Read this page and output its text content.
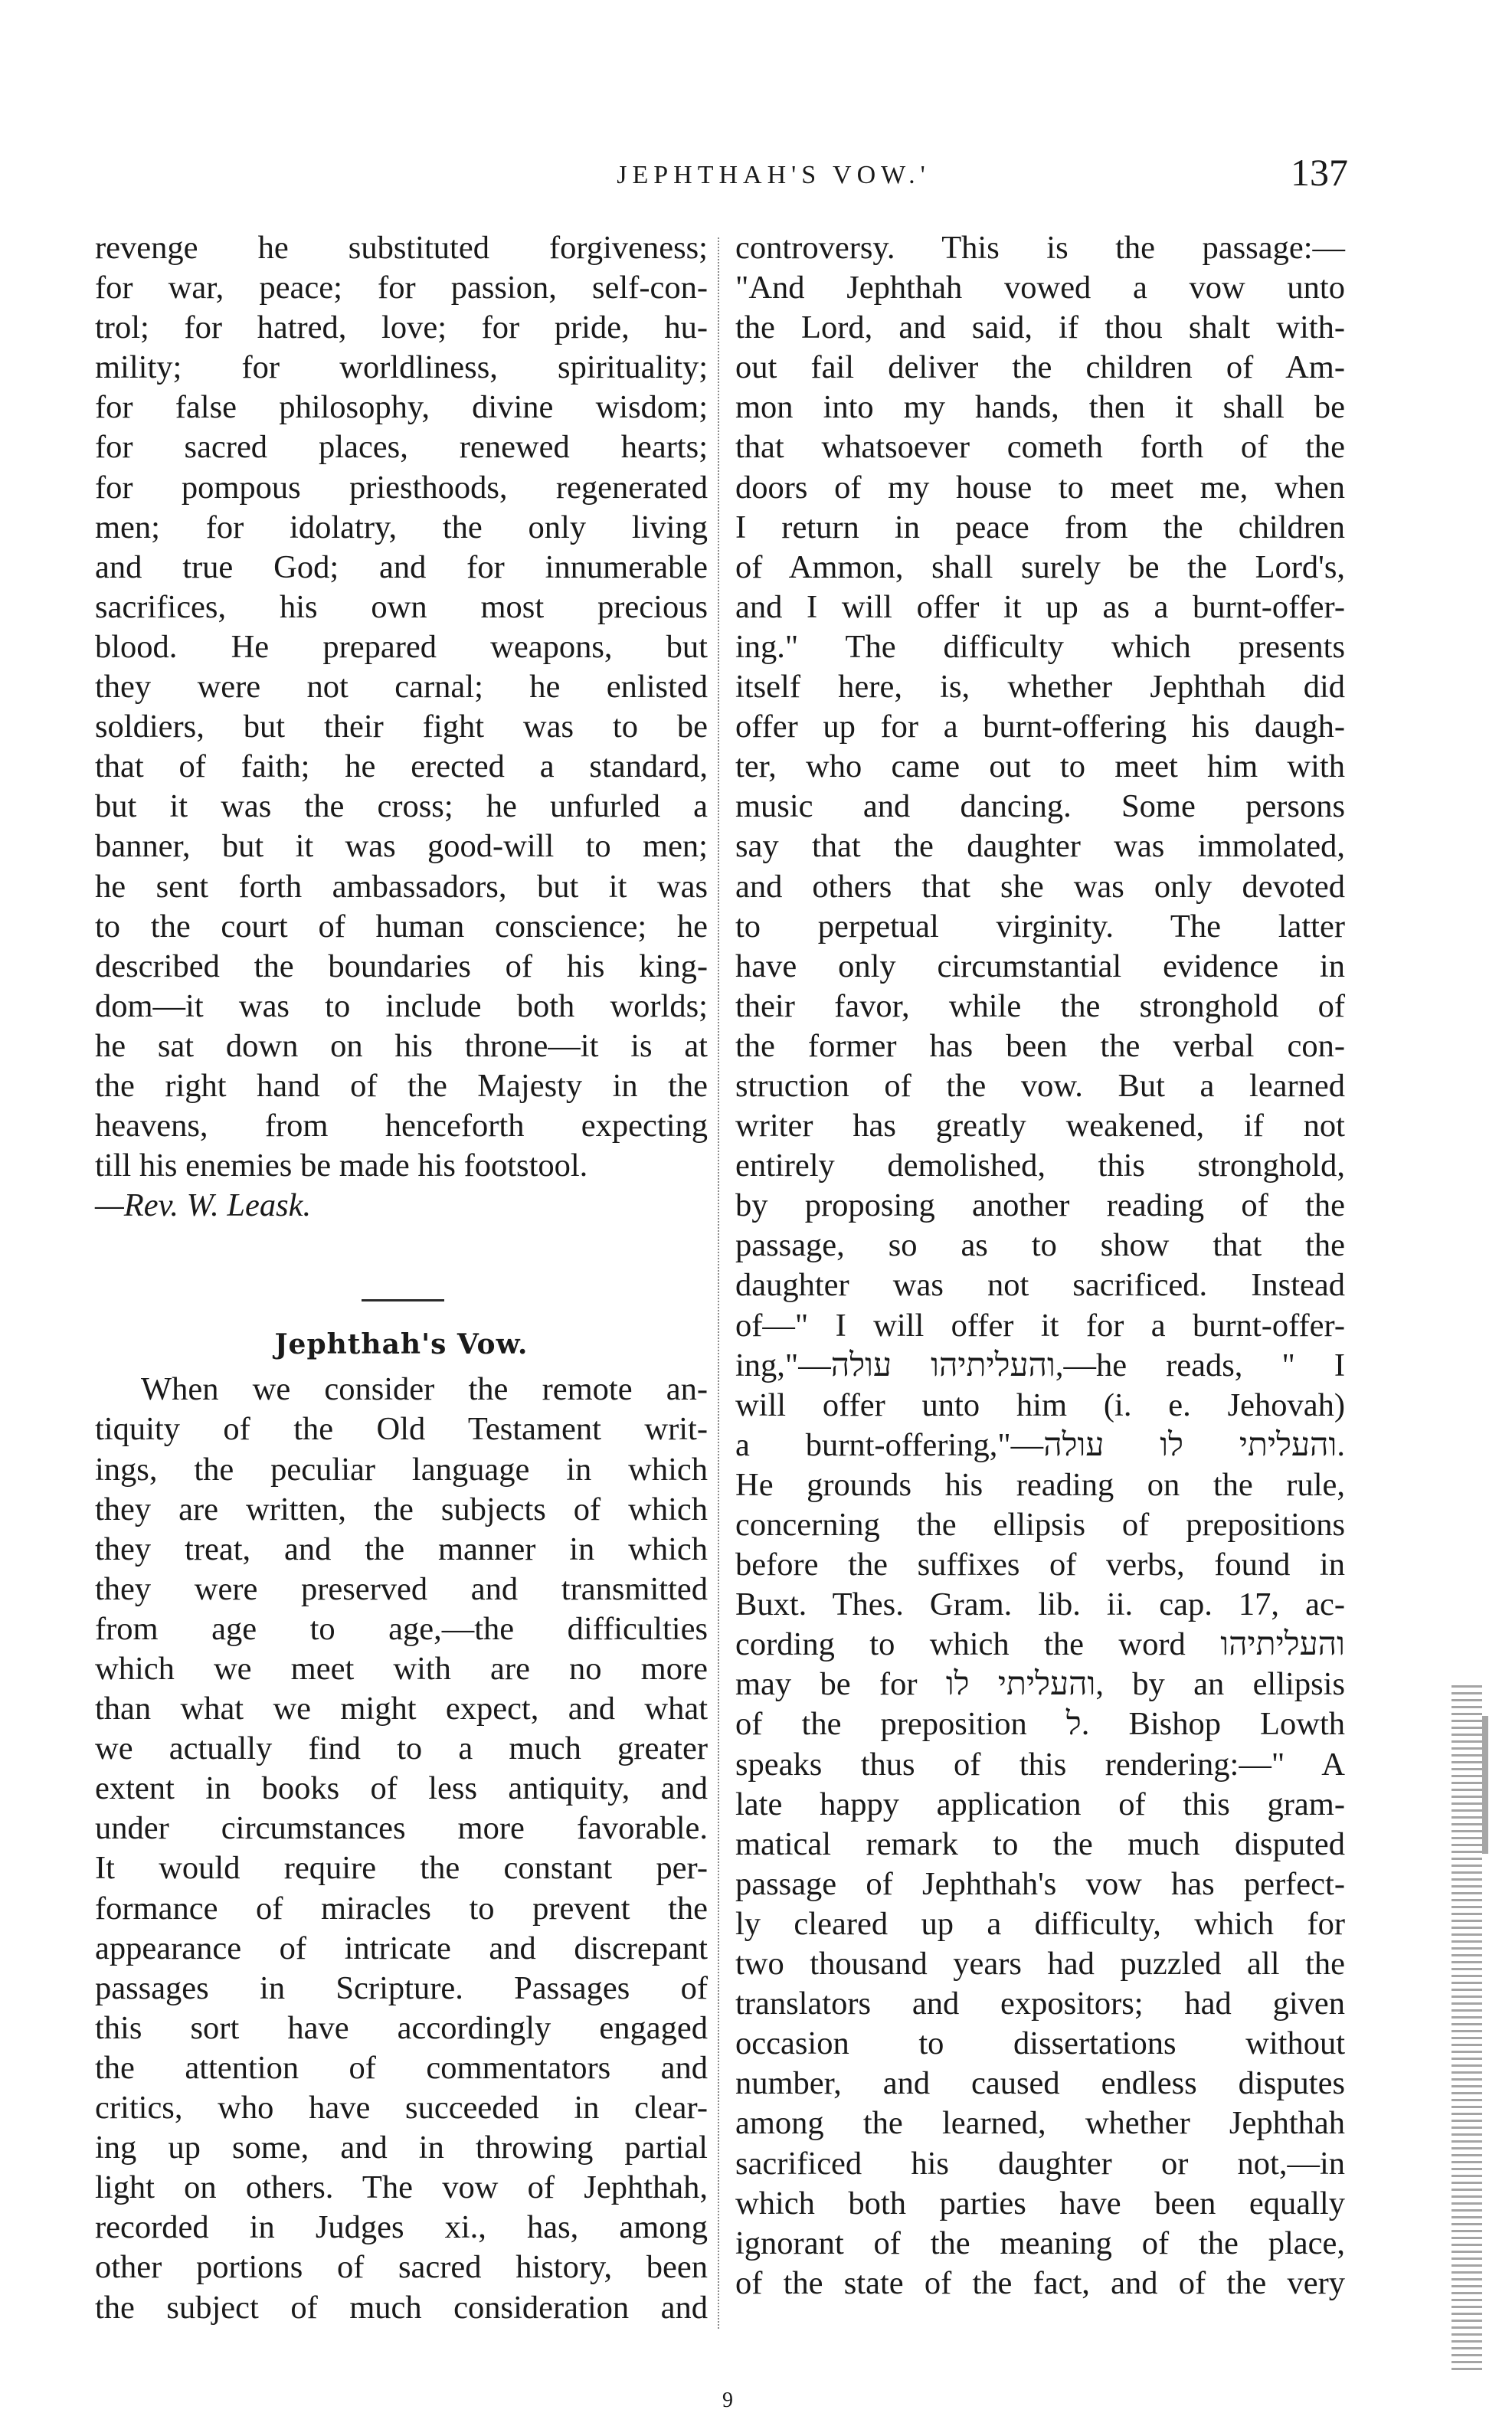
JEPHTHAH'S VOW.'	137
revenge he substituted forgiveness;
for war, peace; for passion, self-con-
trol; for hatred, love; for pride, hu-
mility; for worldliness, spirituality;
for false philosophy, divine wisdom;
for sacred places, renewed hearts;
for pompous priesthoods, regenerated
men; for idolatry, the only living
and true God; and for innumerable
sacrifices, his own most precious
blood. He prepared weapons, but
they were not carnal; he enlisted
soldiers, but their fight was to be
that of faith; he erected a standard,
but it was the cross; he unfurled a
banner, but it was good-will to men;
he sent forth ambassadors, but it was
to the court of human conscience; he
described the boundaries of his king-
dom—it was to include both worlds;
he sat down on his throne—it is at
the right hand of the Majesty in the
heavens, from henceforth expecting
till his enemies be made his footstool.
—Rev. W. Leask.
Jephthah's Vow.
When we consider the remote an-
tiquity of the Old Testament writ-
ings, the peculiar language in which
they are written, the subjects of which
they treat, and the manner in which
they were preserved and transmitted
from age to age,—the difficulties
which we meet with are no more
than what we might expect, and what
we actually find to a much greater
extent in books of less antiquity, and
under circumstances more favorable.
It would require the constant per-
formance of miracles to prevent the
appearance of intricate and discrepant
passages in Scripture. Passages of
this sort have accordingly engaged
the attention of commentators and
critics, who have succeeded in clear-
ing up some, and in throwing partial
light on others. The vow of Jephthah,
recorded in Judges xi., has, among
other portions of sacred history, been
the subject of much consideration and
controversy. This is the passage:—
"And Jephthah vowed a vow unto
the Lord, and said, if thou shalt with-
out fail deliver the children of Am-
mon into my hands, then it shall be
that whatsoever cometh forth of the
doors of my house to meet me, when
I return in peace from the children
of Ammon, shall surely be the Lord's,
and I will offer it up as a burnt-offer-
ing." The difficulty which presents
itself here, is, whether Jephthah did
offer up for a burnt-offering his daugh-
ter, who came out to meet him with
music and dancing. Some persons
say that the daughter was immolated,
and others that she was only devoted
to perpetual virginity. The latter
have only circumstantial evidence in
their favor, while the stronghold of
the former has been the verbal con-
struction of the vow. But a learned
writer has greatly weakened, if not
entirely demolished, this stronghold,
by proposing another reading of the
passage, so as to show that the
daughter was not sacrificed. Instead
of—" I will offer it for a burnt-offer-
ing,"—והעליתיהו עולה,—he reads, " I
will offer unto him (i. e. Jehovah)
a burnt-offering,"—והעליתי לו עולה.
He grounds his reading on the rule,
concerning the ellipsis of prepositions
before the suffixes of verbs, found in
Buxt. Thes. Gram. lib. ii. cap. 17, ac-
cording to which the word והעליתיהו
may be for והעליתי לו, by an ellipsis
of the preposition ל. Bishop Lowth
speaks thus of this rendering:—" A
late happy application of this gram-
matical remark to the much disputed
passage of Jephthah's vow has perfect-
ly cleared up a difficulty, which for
two thousand years had puzzled all the
translators and expositors; had given
occasion to dissertations without
number, and caused endless disputes
among the learned, whether Jephthah
sacrificed his daughter or not,—in
which both parties have been equally
ignorant of the meaning of the place,
of the state of the fact, and of the very
9
